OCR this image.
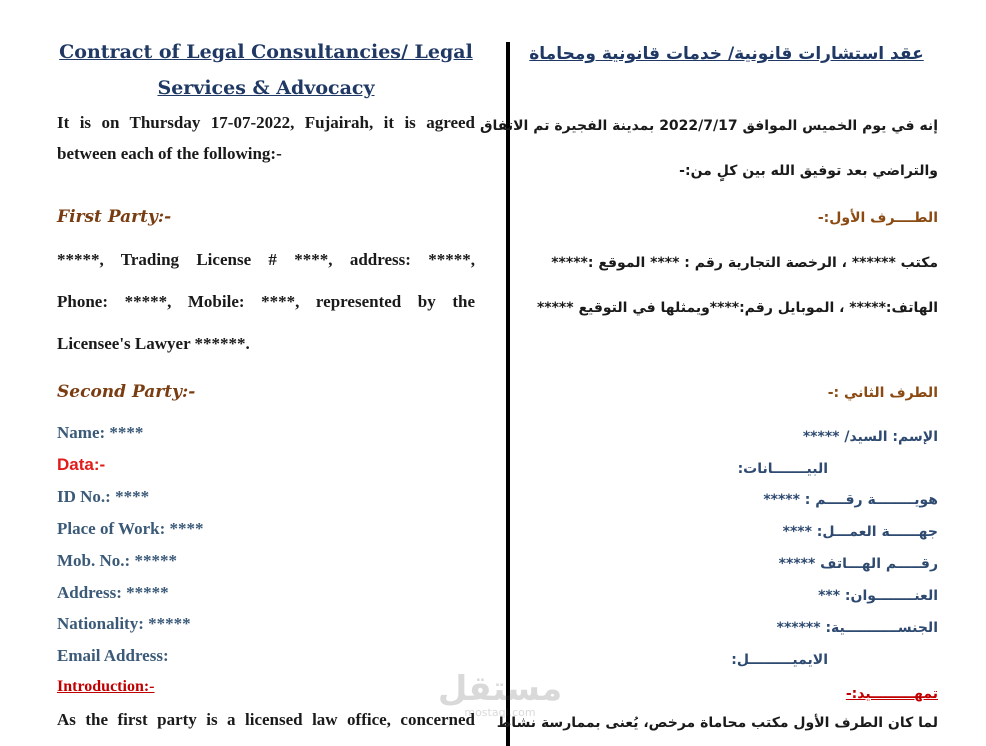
Contract of Legal Consultancies/ Legal
Services & Advocacy
It is on Thursday 17-07-2022, Fujairah, it is agreed
between each of the following:-
First Party:-
*****, Trading License # ****, address: *****,
Phone: *****, Mobile: ****, represented by the
Licensee's Lawyer ******.
Second Party:-
Name: ****
Data:-
ID No.: ****
Place of Work: ****
Mob. No.: *****
Address: *****
Nationality: *****
Email Address:
Introduction:-
As the first party is a licensed law office, concerned
عقد استشارات قانونية/ خدمات قانونية ومحاماة
إنه في يوم الخميس الموافق 2022/7/17 بمدينة الفجيرة تم الاتفاق
والتراضي بعد توفيق الله بين كلٍ من:-
الطــــرف الأول:-
مكتب ****** ، الرخصة التجارية رقم : **** الموقع :*****
الهاتف:***** ، الموبايل رقم:****ويمثلها في التوقيع *****
الطرف الثاني :-
الإسم: السيد/ *****
البيـــــــانات:
هويــــــــة رقــــم : *****
جهــــــة العمـــل: ****
رقـــــم الهـــاتف *****
العنــــــــوان: ***
الجنســـــــــــية: ******
الايميـــــــــل:
تمهـــــــــيد:-
لما كان الطرف الأول مكتب محاماة مرخص، يُعنى بممارسة نشاط
مستقل
mostaql.com
